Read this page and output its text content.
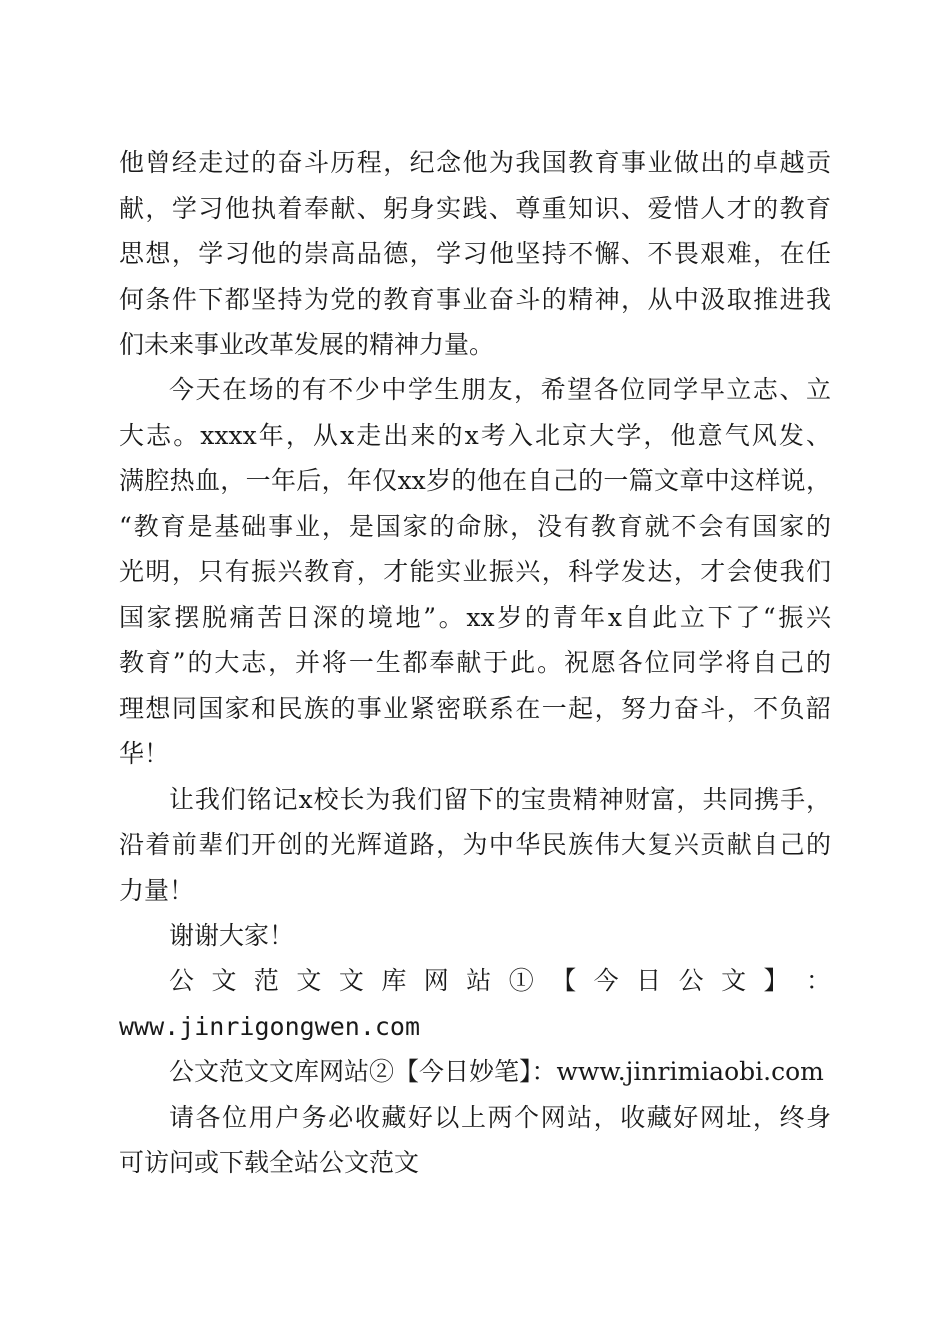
他曾经走过的奋斗历程，纪念他为我国教育事业做出的卓越贡
献，学习他执着奉献、躬身实践、尊重知识、爱惜人才的教育
思想，学习他的崇高品德，学习他坚持不懈、不畏艰难，在任
何条件下都坚持为党的教育事业奋斗的精神，从中汲取推进我
们未来事业改革发展的精神力量。
今天在场的有不少中学生朋友，希望各位同学早立志、立
大志。xxxx年，从x走出来的x考入北京大学，他意气风发、
满腔热血，一年后，年仅xx岁的他在自己的一篇文章中这样说，
“教育是基础事业，是国家的命脉，没有教育就不会有国家的
光明，只有振兴教育，才能实业振兴，科学发达，才会使我们
国家摆脱痛苦日深的境地”。xx岁的青年x自此立下了“振兴
教育”的大志，并将一生都奉献于此。祝愿各位同学将自己的
理想同国家和民族的事业紧密联系在一起，努力奋斗，不负韶
华！
让我们铭记x校长为我们留下的宝贵精神财富，共同携手，
沿着前辈们开创的光辉道路，为中华民族伟大复兴贡献自己的
力量！
谢谢大家！
公 文 范 文 文 库 网 站 ① 【 今 日 公 文 】 ：
www.jinrigongwen.com
公文范文文库网站②【今日妙笔】：www.jinrimiaobi.com
请各位用户务必收藏好以上两个网站，收藏好网址，终身
可访问或下载全站公文范文
